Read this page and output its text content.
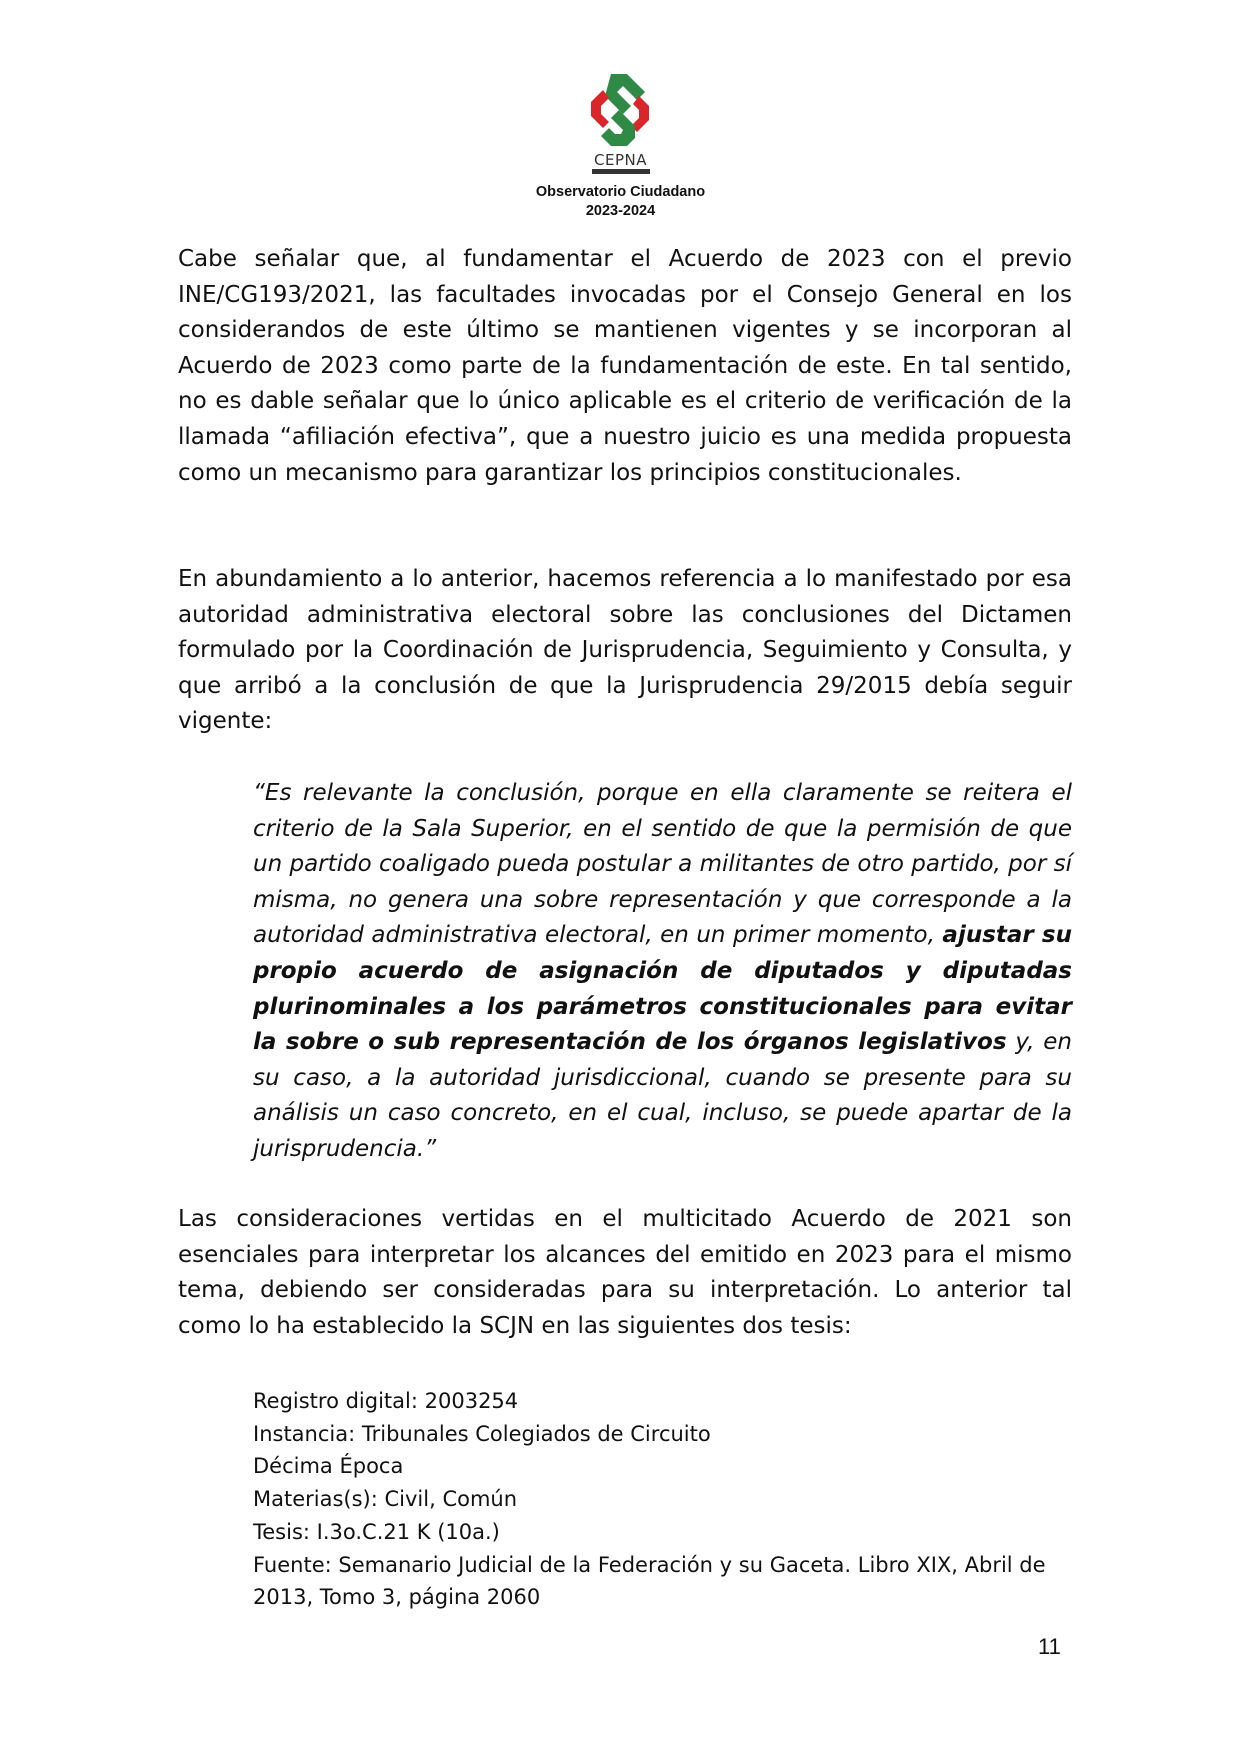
CEPNA
Observatorio Ciudadano
2023-2024

Cabe señalar que, al fundamentar el Acuerdo de 2023 con el previo INE/CG193/2021, las facultades invocadas por el Consejo General en los considerandos de este último se mantienen vigentes y se incorporan al Acuerdo de 2023 como parte de la fundamentación de este. En tal sentido, no es dable señalar que lo único aplicable es el criterio de verificación de la llamada “afiliación efectiva”, que a nuestro juicio es una medida propuesta como un mecanismo para garantizar los principios constitucionales.

En abundamiento a lo anterior, hacemos referencia a lo manifestado por esa autoridad administrativa electoral sobre las conclusiones del Dictamen formulado por la Coordinación de Jurisprudencia, Seguimiento y Consulta, y que arribó a la conclusión de que la Jurisprudencia 29/2015 debía seguir vigente:

“Es relevante la conclusión, porque en ella claramente se reitera el criterio de la Sala Superior, en el sentido de que la permisión de que un partido coaligado pueda postular a militantes de otro partido, por sí misma, no genera una sobre representación y que corresponde a la autoridad administrativa electoral, en un primer momento, ajustar su propio acuerdo de asignación de diputados y diputadas plurinominales a los parámetros constitucionales para evitar la sobre o sub representación de los órganos legislativos y, en su caso, a la autoridad jurisdiccional, cuando se presente para su análisis un caso concreto, en el cual, incluso, se puede apartar de la jurisprudencia.”

Las consideraciones vertidas en el multicitado Acuerdo de 2021 son esenciales para interpretar los alcances del emitido en 2023 para el mismo tema, debiendo ser consideradas para su interpretación. Lo anterior tal como lo ha establecido la SCJN en las siguientes dos tesis:

Registro digital: 2003254
Instancia: Tribunales Colegiados de Circuito
Décima Época
Materias(s): Civil, Común
Tesis: I.3o.C.21 K (10a.)
Fuente: Semanario Judicial de la Federación y su Gaceta. Libro XIX, Abril de 2013, Tomo 3, página 2060
11
